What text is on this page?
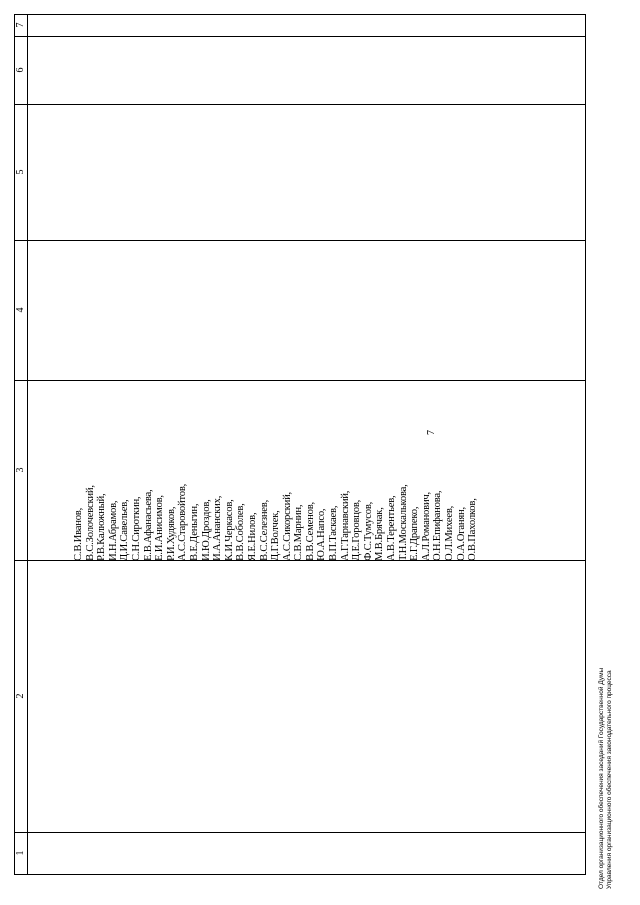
1
2
3
4
5
6
7
С.В.Иванов, В.С.Золочевский, Р.В.Калюжный, И.Н.Абрамов, Д.И.Савельев, С.Н.Сироткин, Е.В.Афанасьева, Е.И.Анисимов, Р.И.Худяков, А.С.Старовойтов, В.Е.Деньгин, И.Ю.Дроздов, И.А.Ананских, К.И.Черкасов, В.В.Соболев, Я.Е.Нилов, В.С.Селезнев, Д.Г.Волчек, А.С.Сикорский, С.В.Марнин, В.В.Семенов, Ю.А.Напсо, В.П.Таскаев, А.Г.Тарнавский, Д.Е.Горовцов, Ф.С.Тумусов, М.В.Брячак, А.В.Терентьев, Т.Н.Москалькова, Е.Г.Драпеко, А.Л.Романович, О.Н.Епифанова, О.Л.Михеев, О.А.Оганян, О.В.Пахолков,
7
Отдел организационного обеспечения заседаний Государственной Думы Управления организационного обеспечения законодательного процесса
